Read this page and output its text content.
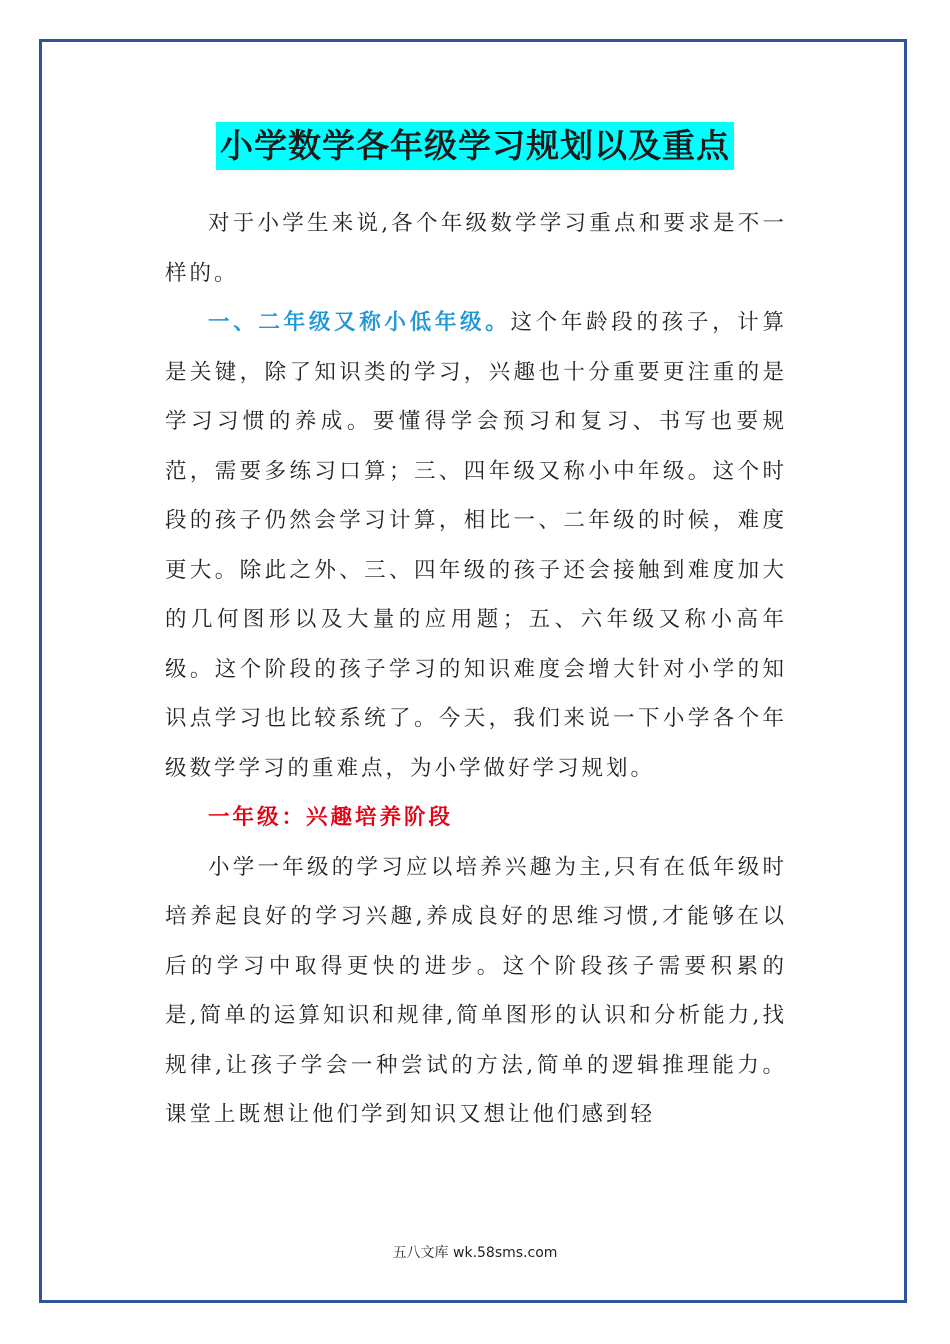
小学数学各年级学习规划以及重点

对于小学生来说,各个年级数学学习重点和要求是不一样的。

一、二年级又称小低年级。这个年龄段的孩子，计算是关键，除了知识类的学习，兴趣也十分重要更注重的是学习习惯的养成。要懂得学会预习和复习、书写也要规范，需要多练习口算；三、四年级又称小中年级。这个时段的孩子仍然会学习计算，相比一、二年级的时候，难度更大。除此之外、三、四年级的孩子还会接触到难度加大的几何图形以及大量的应用题；五、六年级又称小高年级。这个阶段的孩子学习的知识难度会增大针对小学的知识点学习也比较系统了。今天，我们来说一下小学各个年级数学学习的重难点，为小学做好学习规划。

一年级：兴趣培养阶段

小学一年级的学习应以培养兴趣为主,只有在低年级时培养起良好的学习兴趣,养成良好的思维习惯,才能够在以后的学习中取得更快的进步。这个阶段孩子需要积累的是,简单的运算知识和规律,简单图形的认识和分析能力,找规律,让孩子学会一种尝试的方法,简单的逻辑推理能力。课堂上既想让他们学到知识又想让他们感到轻

五八文库 wk.58sms.com
